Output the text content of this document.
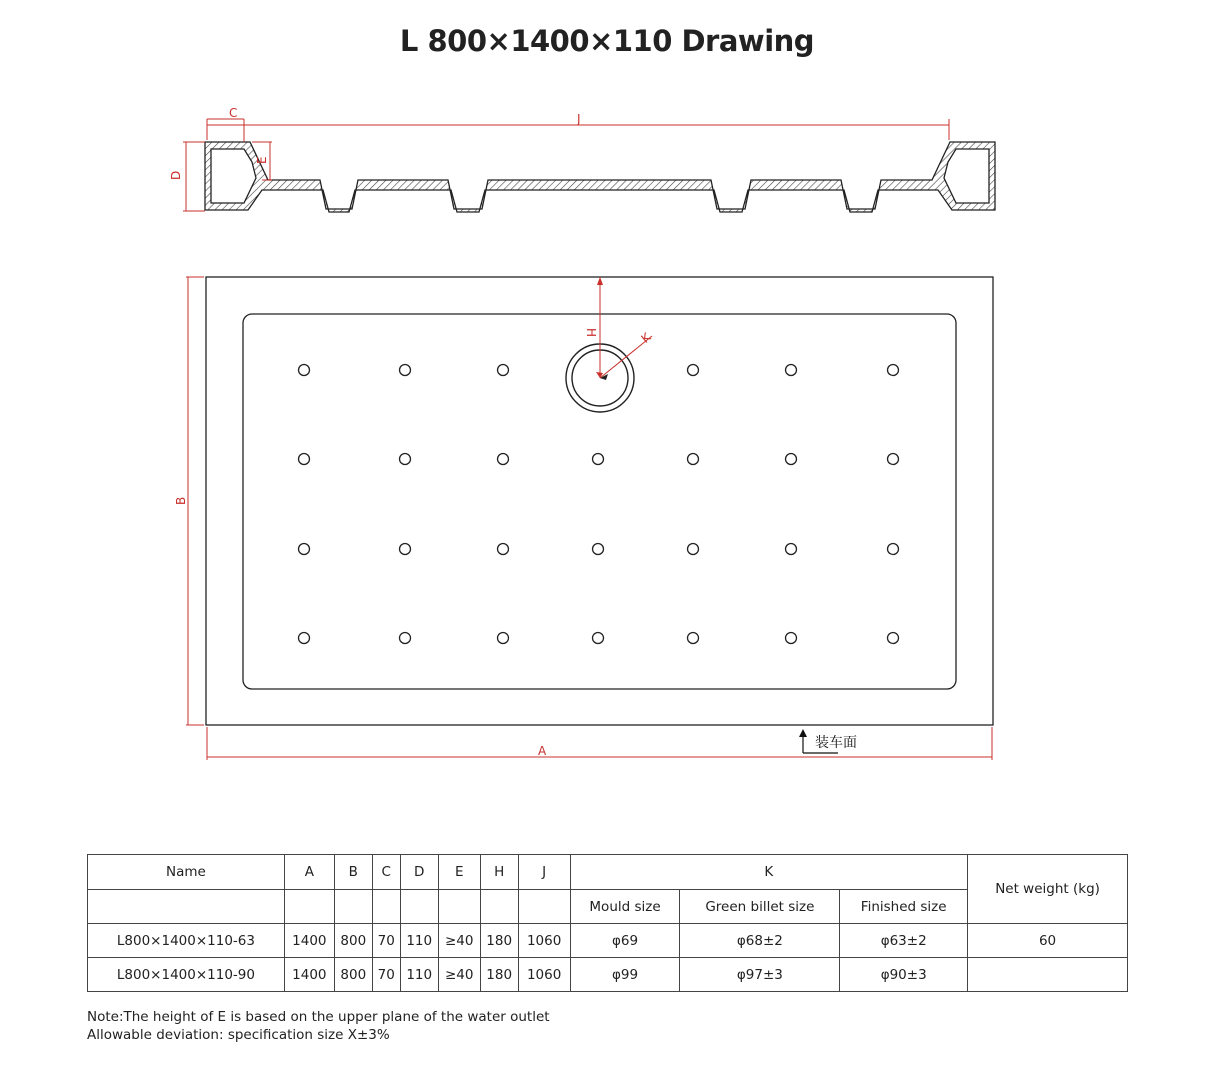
L 800×1400×110 Drawing
C	J
D
E
H	K
B
A	装车面
Name	A	B	C	D	E	H	J	K			Net weight (kg)
								Mould size	Green billet size	Finished size	
L800×1400×110-63	1400	800	70	110	≥40	180	1060	φ69	φ68±2	φ63±2	60
L800×1400×110-90	1400	800	70	110	≥40	180	1060	φ99	φ97±3	φ90±3	
Note:The height of E is based on the upper plane of the water outlet
Allowable deviation: specification size X±3%
